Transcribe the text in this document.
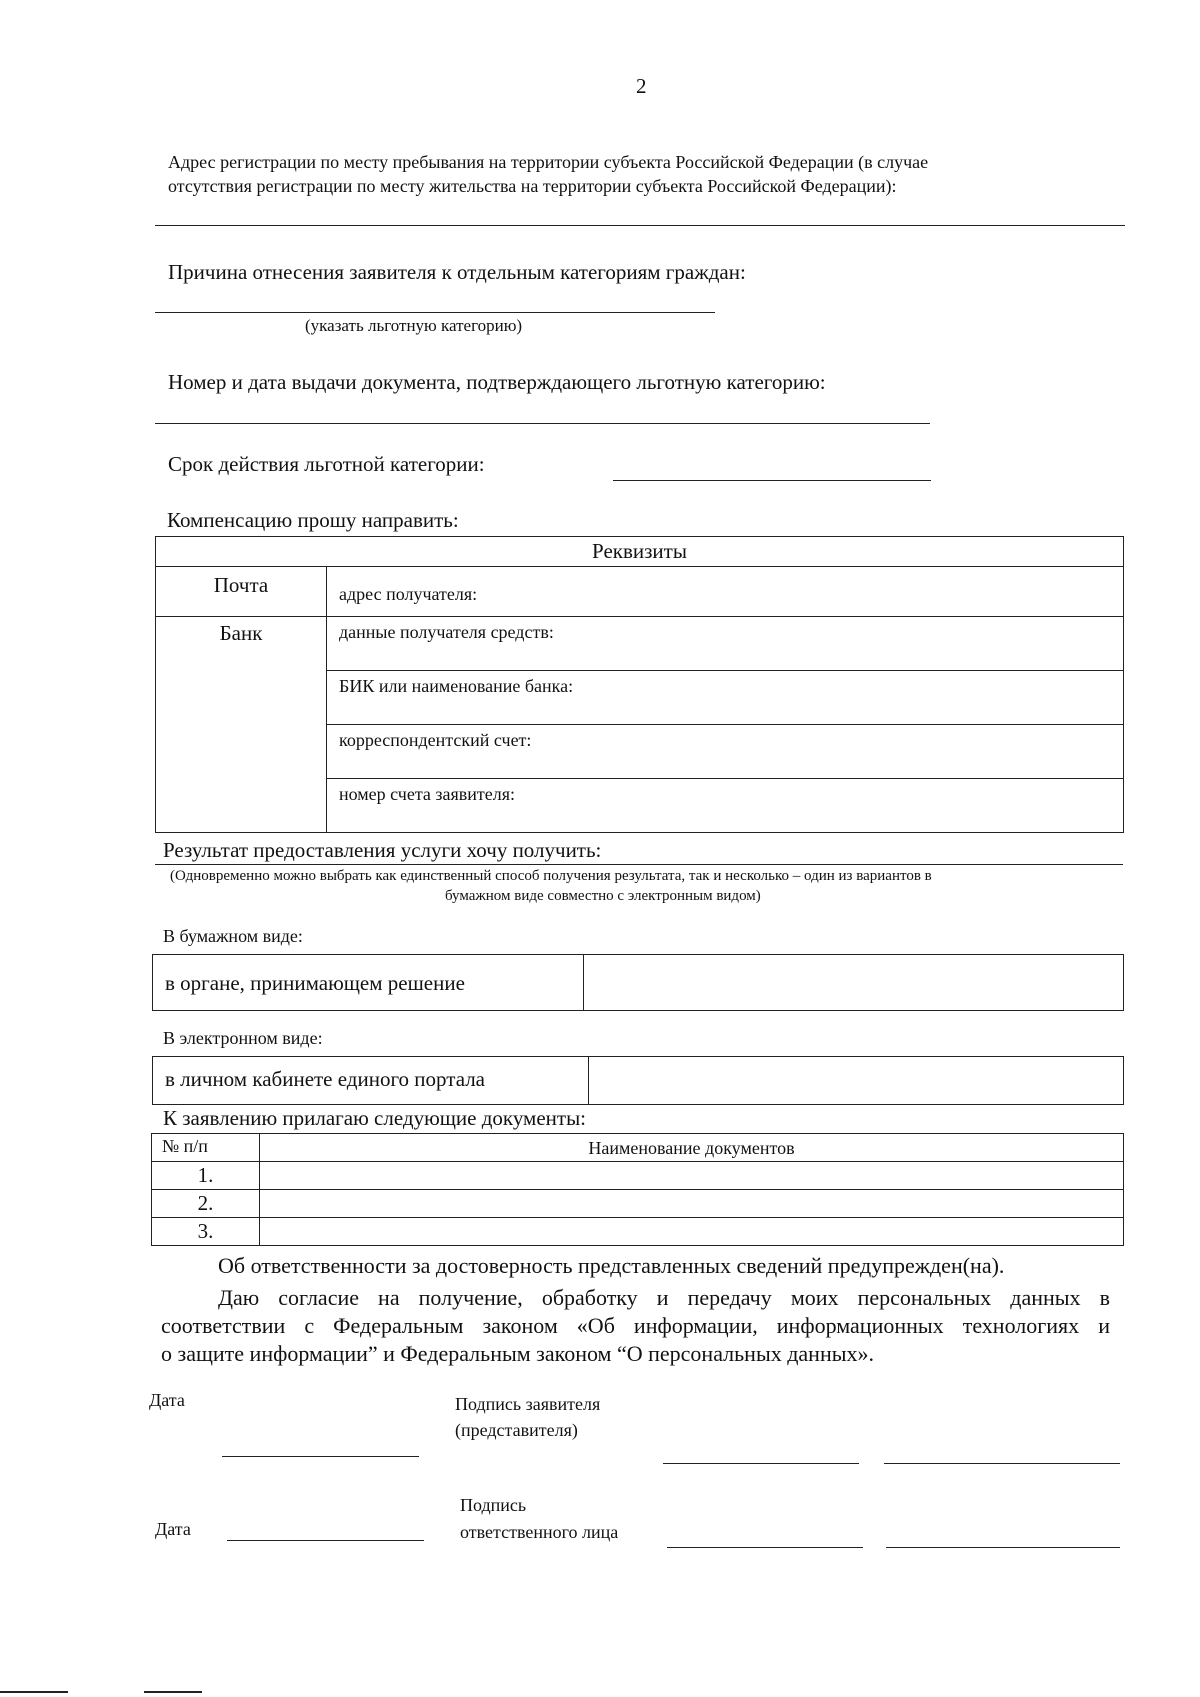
2
Адрес регистрации по месту пребывания на территории субъекта Российской Федерации (в случае
отсутствия регистрации по месту жительства на территории субъекта Российской Федерации):
Причина отнесения заявителя к отдельным категориям граждан:
(указать льготную категорию)
Номер и дата выдачи документа, подтверждающего льготную категорию:
Срок действия льготной категории:
Компенсацию прошу направить:
Реквизиты	
Почта	адрес получателя:
Банк	данные получателя средств:
	БИК или наименование банка:
	корреспондентский счет:
	номер счета заявителя:
Результат предоставления услуги хочу получить:
(Одновременно можно выбрать как единственный способ получения результата, так и несколько – один из вариантов в
бумажном виде совместно с электронным видом)
В бумажном виде:
в органе, принимающем решение	
В электронном виде:
в личном кабинете единого портала	
К заявлению прилагаю следующие документы:
№ п/п	Наименование документов
1.	
2.	
3.	
Об ответственности за достоверность представленных сведений предупрежден(на).
Даю согласие на получение, обработку и передачу моих персональных данных в
соответствии с Федеральным законом «Об информации, информационных технологиях и
о защите информации” и Федеральным законом “О персональных данных».
Дата	Подпись заявителя
(представителя)
Подпись
Дата	ответственного лица
